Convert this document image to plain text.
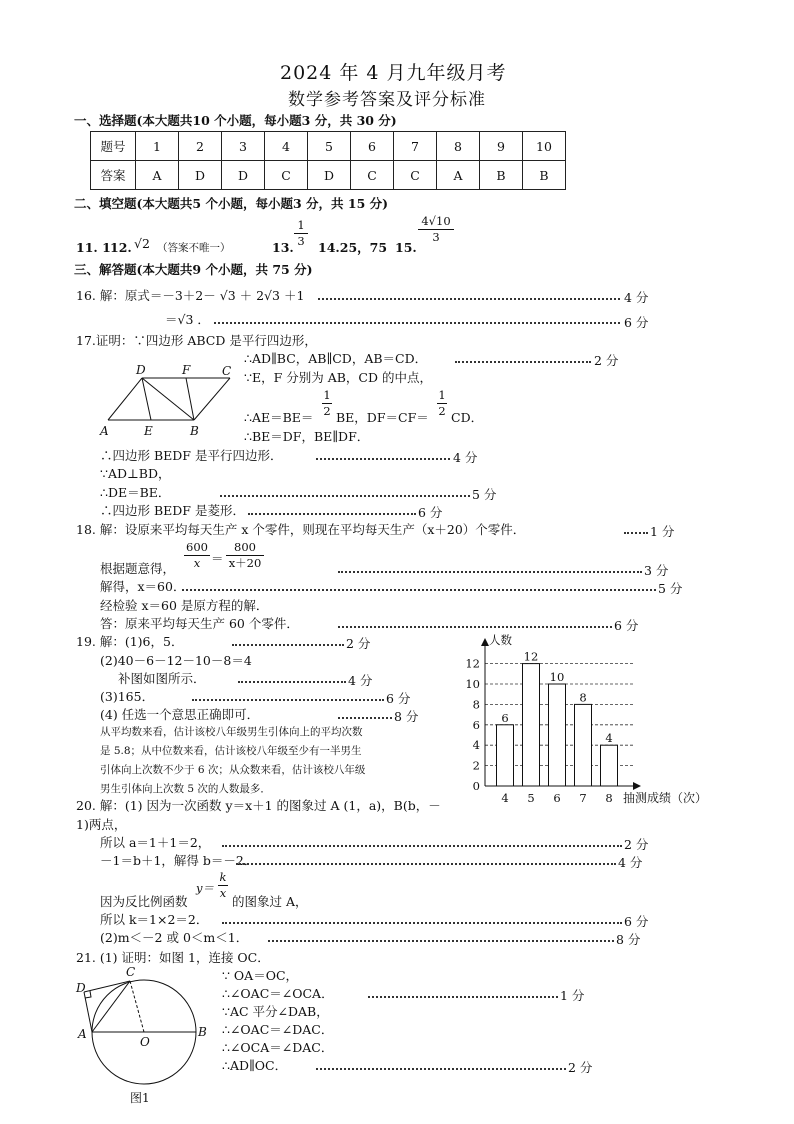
2024 年 4 月九年级月考
数学参考答案及评分标准
一、选择题(本大题共10 个小题，每小题3 分，共 30 分)
题号	1	2	3	4	5	6	7	8	9	10
答案	A	D	D	C	D	C	C	A	B	B
二、填空题(本大题共5 个小题，每小题3 分，共 15 分)
11. 1 12. √2 （答案不唯一）	13.
1
3 14.25，75 15.
4√10
3
三、解答题(本大题共9 个小题，共 75 分)
16. 解：原式＝－3＋2－ √3 ＋ 2√3 ＋1	4 分
＝√3 ．	6 分
17.证明：∵四边形 ABCD 是平行四边形，
∴AD∥BC，AB∥CD，AB＝CD．	2 分
∵E，F 分别为 AB，CD 的中点，
∴AE＝BE＝
1
2 BE，DF＝CF＝
1
2 CD．
∴BE＝DF，BE∥DF．
D	F	C
A	E	B
∴四边形 BEDF 是平行四边形．	4 分
∵AD⊥BD，
∴DE＝BE．	5 分
∴四边形 BEDF 是菱形．	6 分
18. 解：设原来平均每天生产 x 个零件，则现在平均每天生产（x＋20）个零件．	1 分
根据题意得，
600
x ＝
800
x＋20
3 分
解得，x＝60．	5 分
经检验 x＝60 是原方程的解．
答：原来平均每天生产 60 个零件．	6 分
19. 解：(1)6，5．	2 分
(2)40－6－12－10－8＝4
补图如图所示．	4 分
(3)165．	6 分
(4) 任选一个意思正确即可．	8 分
从平均数来看，估计该校八年级男生引体向上的平均次数
是 5.8；从中位数来看，估计该校八年级至少有一半男生
引体向上次数不少于 6 次；从众数来看，估计该校八年级
男生引体向上次数 5 次的人数最多．
人数
抽测成绩（次）
0
2
4
6
8
10
12
6
4
12
5
10
6
8
7
4
8
20. 解：(1) 因为一次函数 y＝x＋1 的图象过 A (1，a)，B(b，－
1)两点，
所以 a＝1＋1＝2，	2 分
－1＝b＋1，解得 b＝－2．	4 分
y＝
k
x
因为反比例函数	的图象过 A，
所以 k＝1×2＝2．	6 分
(2)m＜－2 或 0＜m＜1．	8 分
21. (1) 证明：如图 1，连接 OC．
∵ OA＝OC，
∴∠OAC＝∠OCA．	1 分
∵AC 平分∠DAB，
∴∠OAC＝∠DAC．
∴∠OCA＝∠DAC．
∴AD∥OC．	2 分
C
D
A
O
B
图1
